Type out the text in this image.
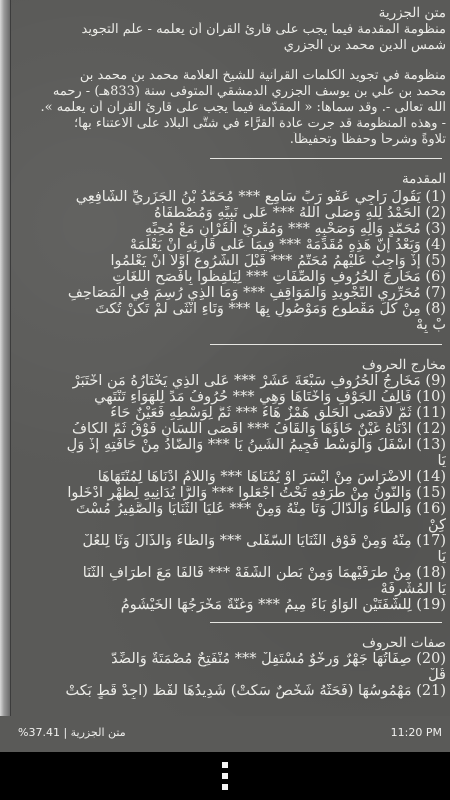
متن الجزرية
منظومة المقدمة فيما يجب على قارئ القرآن أن يعلمه - علم التجويد
شمس الدين محمد بن الجزري
منظومة في تجويد الكلمات القرآنية للشيخ العلامة محمد بن محمد بن
محمد بن علي بن يوسف الجزري الدمشقي المتوفى سنة (833هـ) - رحمه
الله تعالى -. وقد سماها: « المقدّمة فيما يجب على قارئ القرآن أن يعلمه ».
- وهذه المنظومة قد جرت عادة القرَّاء في شتَّى البلاد على الاعتناء بها؛
تلاوةً وشرحاً وحفظاً وتحفيظاً.
المقدمة
(1) يَقُولُ رَاجِي عَفْوِ رَبٍّ سَامِعِ *** مُحَمَّدُ بْنُ الْجَزَرِيِّ الشَّافِعِي
(2) الْحَمْدُ لِلَّهِ وَصَلَّى اللَّهُ *** عَلَى نَبِيِّهِ وَمُصْطَفَاهُ
(3) مُحَمَّدٍ وَآلِهِ وَصَحْبِهِ *** وَمُقْرِئِ الْقُرْآنِ مَعْ مُحِبِّهِ
(4) وَبَعْدُ إِنَّ هَذِهِ مُقَدِّمَهْ *** فِيمَا عَلَى قَارِئِهِ أَنْ يَعْلَمَهْ
(5) إِذْ وَاجِبٌ عَلَيْهِمُ مُحَتَّمُ *** قَبْلَ الشُّرُوعِ أَوَّلاً أَنْ يَعْلَمُوا
(6) مَخَارِجَ الْحُرُوفِ وَالصِّفَاتِ *** لِيَلْفِظُوا بِأَفْصَحِ اللُّغَاتِ
(7) مُحَرِّرِي التَّجْوِيدِ وَالْمَوَاقِفِ *** وَمَا الَّذِي رُسِمَ فِي الْمَصَاحِفِ
(8) مِنْ كُلِّ مَقْطُوعٍ وَمَوْصُولٍ بِهَا *** وَتَاءِ أُنْثَى لَمْ تَكُنْ تُكْتَ
بْ بِهْ
مخارج الحروف
(9) مَخَارِجُ الْحُرُوفِ سَبْعَةَ عَشَرْ *** عَلَى الَّذِي يَخْتَارُهُ مَنِ اخْتَبَرْ
(10) فَأَلِفُ الْجَوْفِ وَأُخْتَاهَا وَهِي *** حُرُوفُ مَدٍّ لِلْهَوَاءِ تَنْتَهِي
(11) ثُمَّ لأَقْصَى الْحَلْقِ هَمْزٌ هَاءُ *** ثُمَّ لِوَسْطِهِ فَعَيْنٌ حَاءُ
(12) أَدْنَاهُ غَيْنٌ خَاؤُهَا وَالْقَافُ *** أَقْصَى اللِّسَانِ فَوْقُ ثُمَّ الْكَافُ
(13) أَسْفَلُ وَالْوَسْطُ فَجِيمُ الشِّينُ يَا *** وَالضَّادُ مِنْ حَافَتِهِ إِذْ وَلِ
يَا
(14) الاَضْرَاسَ مِنْ أَيْسَرَ أَوْ يُمْنَاهَا *** وَاللاَّمُ أَدْنَاهَا لِمُنْتَهَاهَا
(15) وَالنُّونُ مِنْ طَرَفِهِ تَحْتُ اجْعَلُوا *** وَالرَّا يُدَانِيهِ لِظَهْرٍ أَدْخَلُوا
(16) وَالطَّاءُ وَالدَّالُ وَتَا مِنْهُ وَمِنْ *** عُلْيَا الثَّنَايَا وَالصَّفِيرُ مُسْتَ
كِنْ
(17) مِنْهُ وَمِنْ فَوْقِ الثَّنَايَا السُّفْلَى *** وَالظَّاءُ وَالذَّالُ وَثَا لِلْعُلْ
يَا
(18) مِنْ طَرَفَيْهِمَا وَمِنْ بَطْنِ الشَّفَهْ *** فَالْفَا مَعَ اطْرَافِ الثَّنَا
يَا الْمُشْرِفَهْ
(19) لِلشَّفَتَيْنِ الْوَاوُ بَاءٌ مِيمُ *** وَغُنَّةٌ مَخْرَجُهَا الْخَيْشُومُ
صفات الحروف
(20) صِفَاتُهَا جَهْرٌ وَرِخْوٌ مُسْتَفِلْ *** مُنْفَتِحٌ مُصْمَتَةٌ وَالضِّدَّ
قُلْ
(21) مَهْمُوسُهَا (فَحَثَّهُ شَخْصٌ سَكَتْ) شَدِيدُهَا لَفْظُ (أَجِدْ قَطٍ بَكَتْ
متن الجزرية | 37.41%	11:20 PM
